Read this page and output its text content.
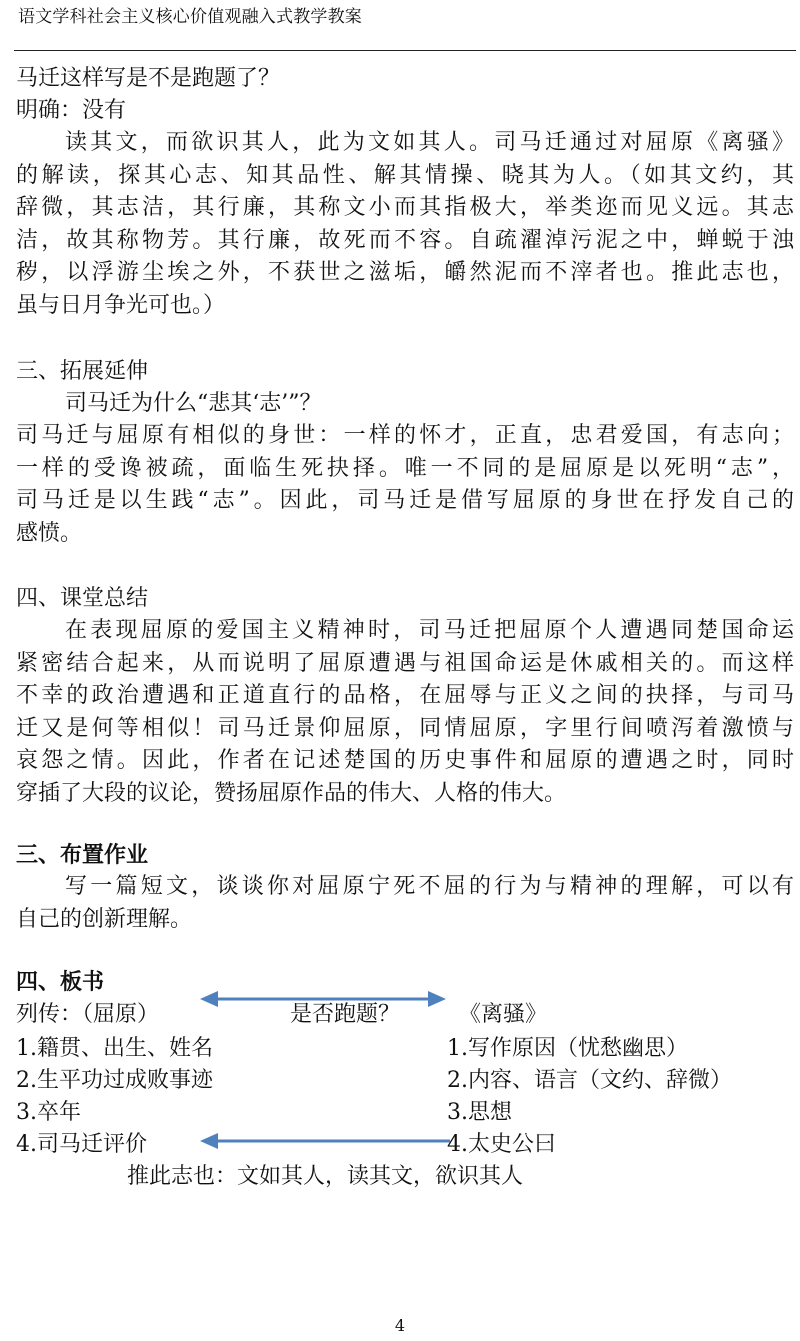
语文学科社会主义核心价值观融入式教学教案
马迁这样写是不是跑题了？
明确：没有
读其文，而欲识其人，此为文如其人。司马迁通过对屈原《离骚》
的解读，探其心志、知其品性、解其情操、晓其为人。（如其文约，其
辞微，其志洁，其行廉，其称文小而其指极大，举类迩而见义远。其志
洁，故其称物芳。其行廉，故死而不容。自疏濯淖污泥之中，蝉蜕于浊
秽，以浮游尘埃之外，不获世之滋垢，皭然泥而不滓者也。推此志也，
虽与日月争光可也。）
三、拓展延伸
司马迁为什么“悲其‘志’”？
司马迁与屈原有相似的身世：一样的怀才，正直，忠君爱国，有志向；
一样的受谗被疏，面临生死抉择。唯一不同的是屈原是以死明“志”，
司马迁是以生践“志”。因此，司马迁是借写屈原的身世在抒发自己的
感愤。
四、课堂总结
在表现屈原的爱国主义精神时，司马迁把屈原个人遭遇同楚国命运
紧密结合起来，从而说明了屈原遭遇与祖国命运是休戚相关的。而这样
不幸的政治遭遇和正道直行的品格，在屈辱与正义之间的抉择，与司马
迁又是何等相似！司马迁景仰屈原，同情屈原，字里行间喷泻着激愤与
哀怨之情。因此，作者在记述楚国的历史事件和屈原的遭遇之时，同时
穿插了大段的议论，赞扬屈原作品的伟大、人格的伟大。
三、布置作业
写一篇短文，谈谈你对屈原宁死不屈的行为与精神的理解，可以有
自己的创新理解。
四、板书
列传：（屈原）	是否跑题？	《离骚》
1.籍贯、出生、姓名
2.生平功过成败事迹
3.卒年
4.司马迁评价
1.写作原因（忧愁幽思）
2.内容、语言（文约、辞微）
3.思想
4.太史公曰
推此志也：文如其人，读其文，欲识其人
4
